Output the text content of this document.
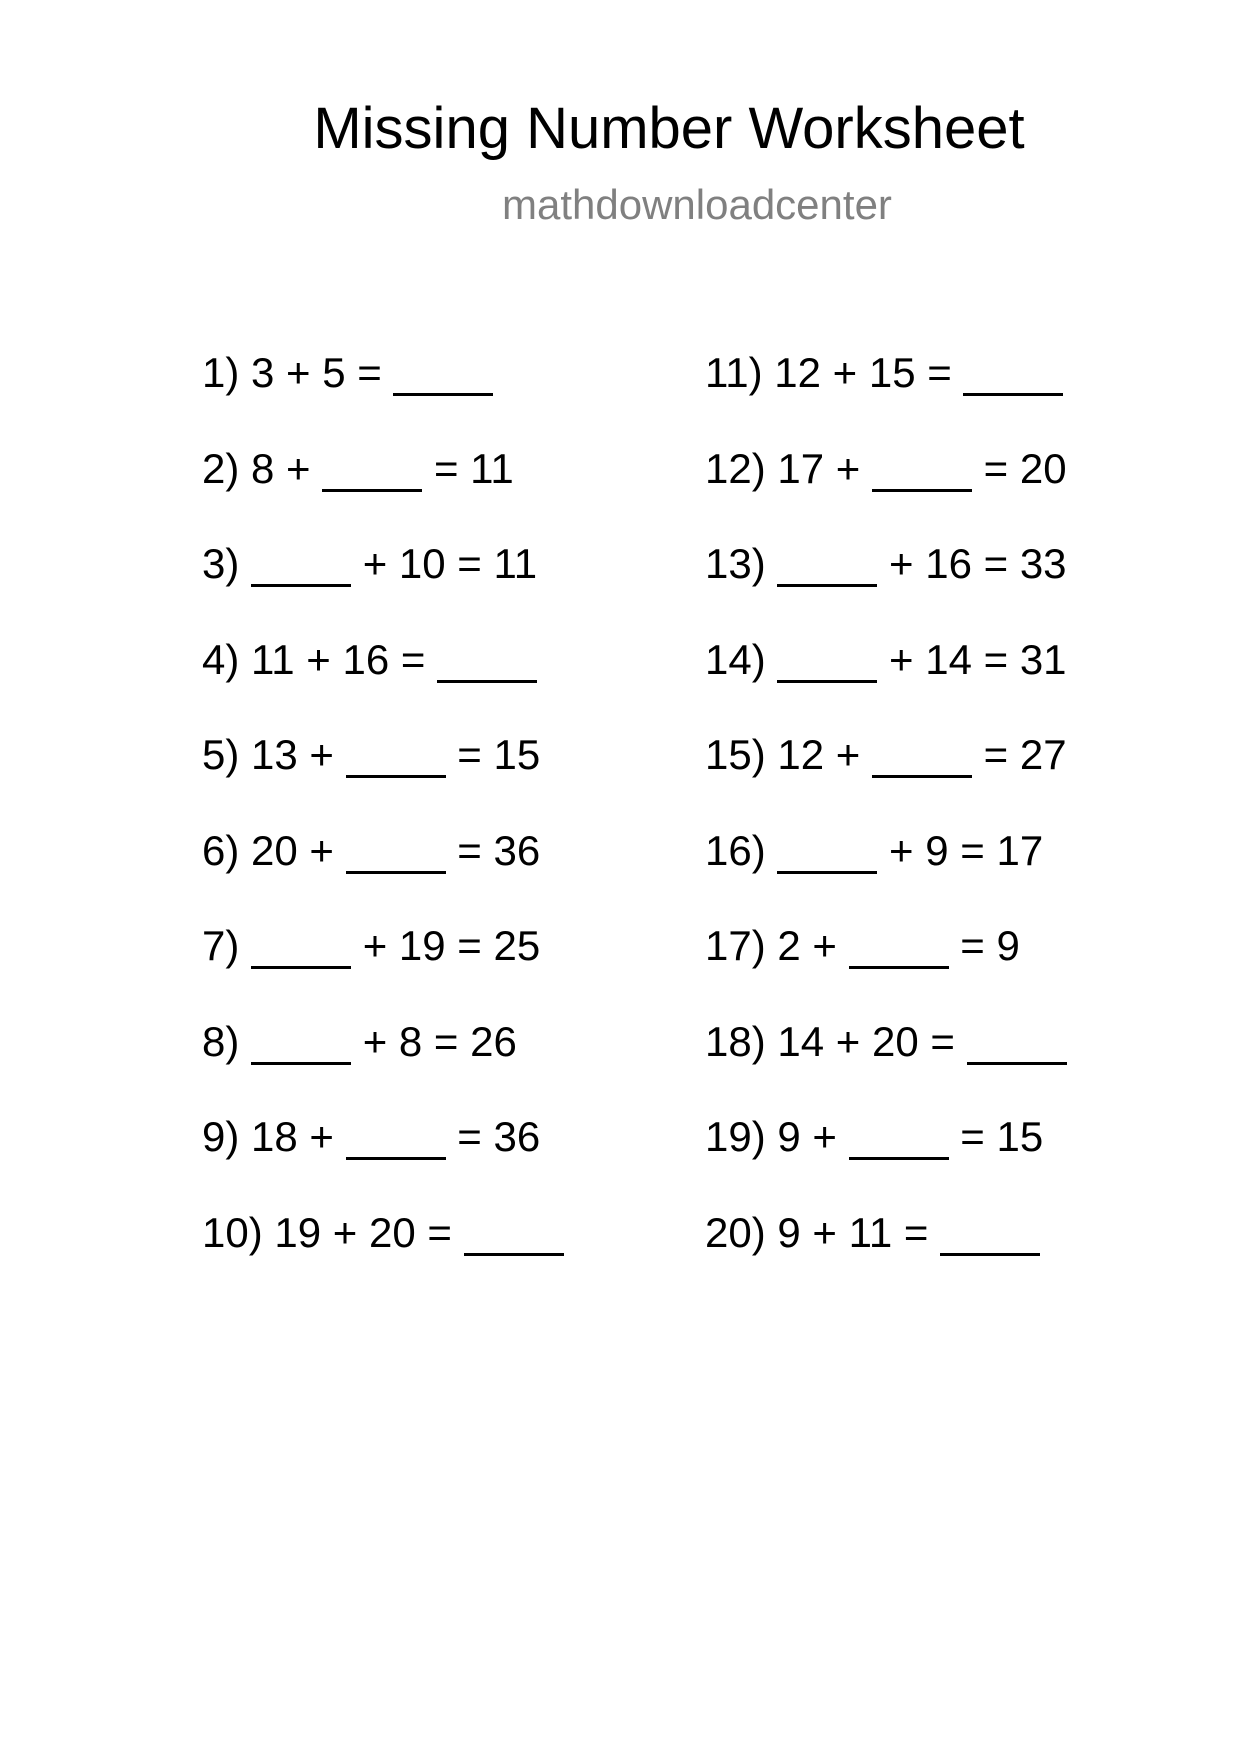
Missing Number Worksheet
mathdownloadcenter
1) 3 + 5 =
2) 8 +	= 11
3)	+ 10 = 11
4) 11 + 16 =
5) 13 +	= 15
6) 20 +	= 36
7)	+ 19 = 25
8)	+ 8 = 26
9) 18 +	= 36
10) 19 + 20 =
11) 12 + 15 =
12) 17 +	= 20
13)	+ 16 = 33
14)	+ 14 = 31
15) 12 +	= 27
16)	+ 9 = 17
17) 2 +	= 9
18) 14 + 20 =
19) 9 +	= 15
20) 9 + 11 =
